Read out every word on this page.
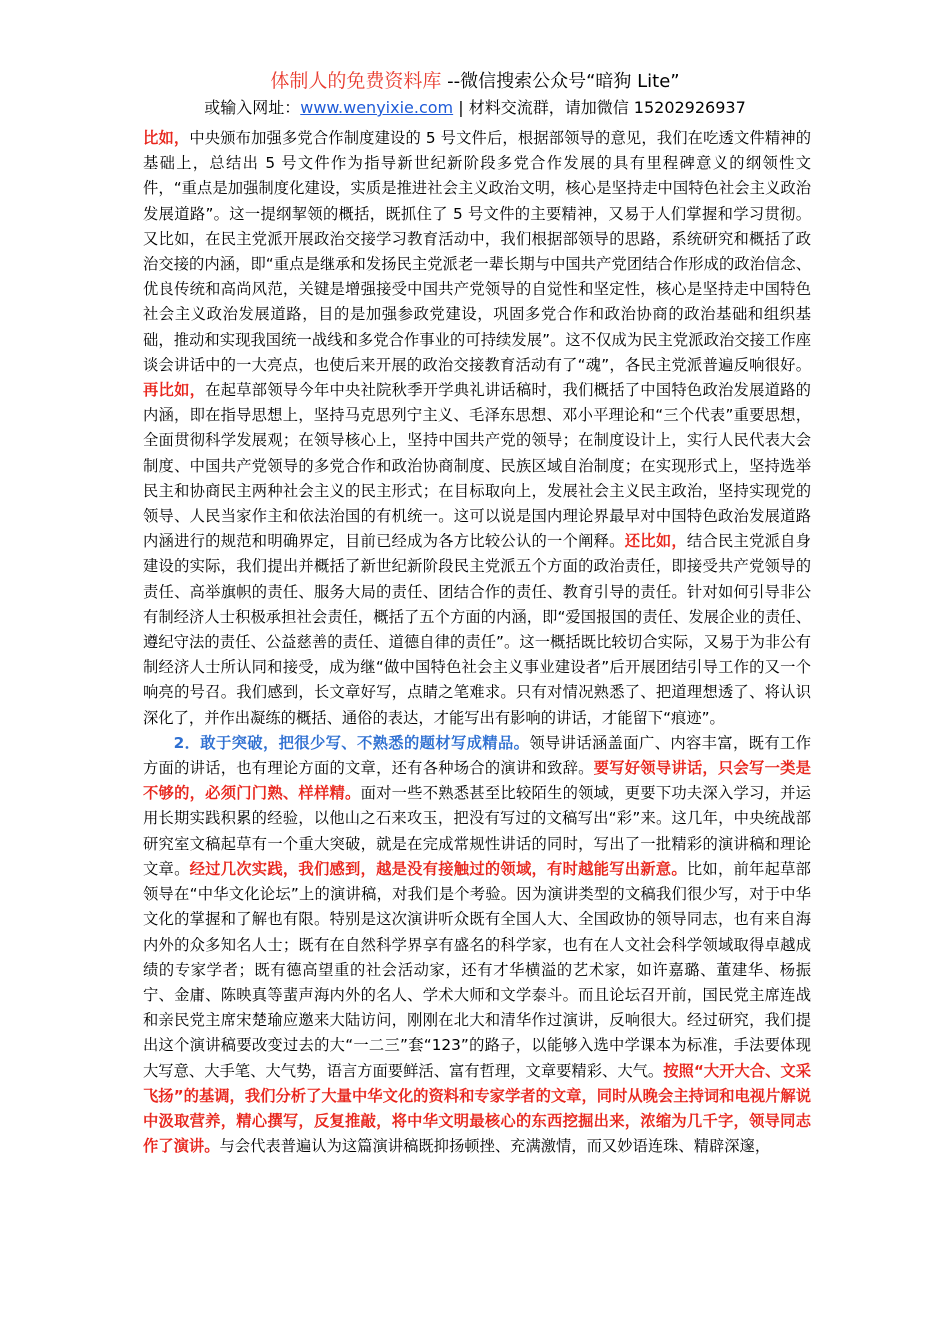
体制人的免费资料库 --微信搜索公众号“暗狗 Lite”
或输入网址：www.wenyixie.com | 材料交流群，请加微信 15202926937

比如，中央颁布加强多党合作制度建设的 5 号文件后，根据部领导的意见，我们在吃透文件精神的基础上，总结出 5 号文件作为指导新世纪新阶段多党合作发展的具有里程碑意义的纲领性文件，“重点是加强制度化建设，实质是推进社会主义政治文明，核心是坚持走中国特色社会主义政治发展道路”。这一提纲挈领的概括，既抓住了 5 号文件的主要精神，又易于人们掌握和学习贯彻。又比如，在民主党派开展政治交接学习教育活动中，我们根据部领导的思路，系统研究和概括了政治交接的内涵，即“重点是继承和发扬民主党派老一辈长期与中国共产党团结合作形成的政治信念、优良传统和高尚风范，关键是增强接受中国共产党领导的自觉性和坚定性，核心是坚持走中国特色社会主义政治发展道路，目的是加强参政党建设，巩固多党合作和政治协商的政治基础和组织基础，推动和实现我国统一战线和多党合作事业的可持续发展”。这不仅成为民主党派政治交接工作座谈会讲话中的一大亮点，也使后来开展的政治交接教育活动有了“魂”，各民主党派普遍反响很好。再比如，在起草部领导今年中央社院秋季开学典礼讲话稿时，我们概括了中国特色政治发展道路的内涵，即在指导思想上，坚持马克思列宁主义、毛泽东思想、邓小平理论和“三个代表”重要思想，全面贯彻科学发展观；在领导核心上，坚持中国共产党的领导；在制度设计上，实行人民代表大会制度、中国共产党领导的多党合作和政治协商制度、民族区域自治制度；在实现形式上，坚持选举民主和协商民主两种社会主义的民主形式；在目标取向上，发展社会主义民主政治，坚持实现党的领导、人民当家作主和依法治国的有机统一。这可以说是国内理论界最早对中国特色政治发展道路内涵进行的规范和明确界定，目前已经成为各方比较公认的一个阐释。还比如，结合民主党派自身建设的实际，我们提出并概括了新世纪新阶段民主党派五个方面的政治责任，即接受共产党领导的责任、高举旗帜的责任、服务大局的责任、团结合作的责任、教育引导的责任。针对如何引导非公有制经济人士积极承担社会责任，概括了五个方面的内涵，即“爱国报国的责任、发展企业的责任、遵纪守法的责任、公益慈善的责任、道德自律的责任”。这一概括既比较切合实际，又易于为非公有制经济人士所认同和接受，成为继“做中国特色社会主义事业建设者”后开展团结引导工作的又一个响亮的号召。我们感到，长文章好写，点睛之笔难求。只有对情况熟悉了、把道理想透了、将认识深化了，并作出凝练的概括、通俗的表达，才能写出有影响的讲话，才能留下“痕迹”。

2．敢于突破，把很少写、不熟悉的题材写成精品。领导讲话涵盖面广、内容丰富，既有工作方面的讲话，也有理论方面的文章，还有各种场合的演讲和致辞。要写好领导讲话，只会写一类是不够的，必须门门熟、样样精。面对一些不熟悉甚至比较陌生的领域，更要下功夫深入学习，并运用长期实践积累的经验，以他山之石来攻玉，把没有写过的文稿写出“彩”来。这几年，中央统战部研究室文稿起草有一个重大突破，就是在完成常规性讲话的同时，写出了一批精彩的演讲稿和理论文章。经过几次实践，我们感到，越是没有接触过的领域，有时越能写出新意。比如，前年起草部领导在“中华文化论坛”上的演讲稿，对我们是个考验。因为演讲类型的文稿我们很少写，对于中华文化的掌握和了解也有限。特别是这次演讲听众既有全国人大、全国政协的领导同志，也有来自海内外的众多知名人士；既有在自然科学界享有盛名的科学家，也有在人文社会科学领域取得卓越成绩的专家学者；既有德高望重的社会活动家，还有才华横溢的艺术家，如许嘉璐、董建华、杨振宁、金庸、陈映真等蜚声海内外的名人、学术大师和文学泰斗。而且论坛召开前，国民党主席连战和亲民党主席宋楚瑜应邀来大陆访问，刚刚在北大和清华作过演讲，反响很大。经过研究，我们提出这个演讲稿要改变过去的大“一二三”套“123”的路子，以能够入选中学课本为标准，手法要体现大写意、大手笔、大气势，语言方面要鲜活、富有哲理，文章要精彩、大气。按照“大开大合、文采飞扬”的基调，我们分析了大量中华文化的资料和专家学者的文章，同时从晚会主持词和电视片解说中汲取营养，精心撰写，反复推敲，将中华文明最核心的东西挖掘出来，浓缩为几千字，领导同志作了演讲。与会代表普遍认为这篇演讲稿既抑扬顿挫、充满激情，而又妙语连珠、精辟深邃，
